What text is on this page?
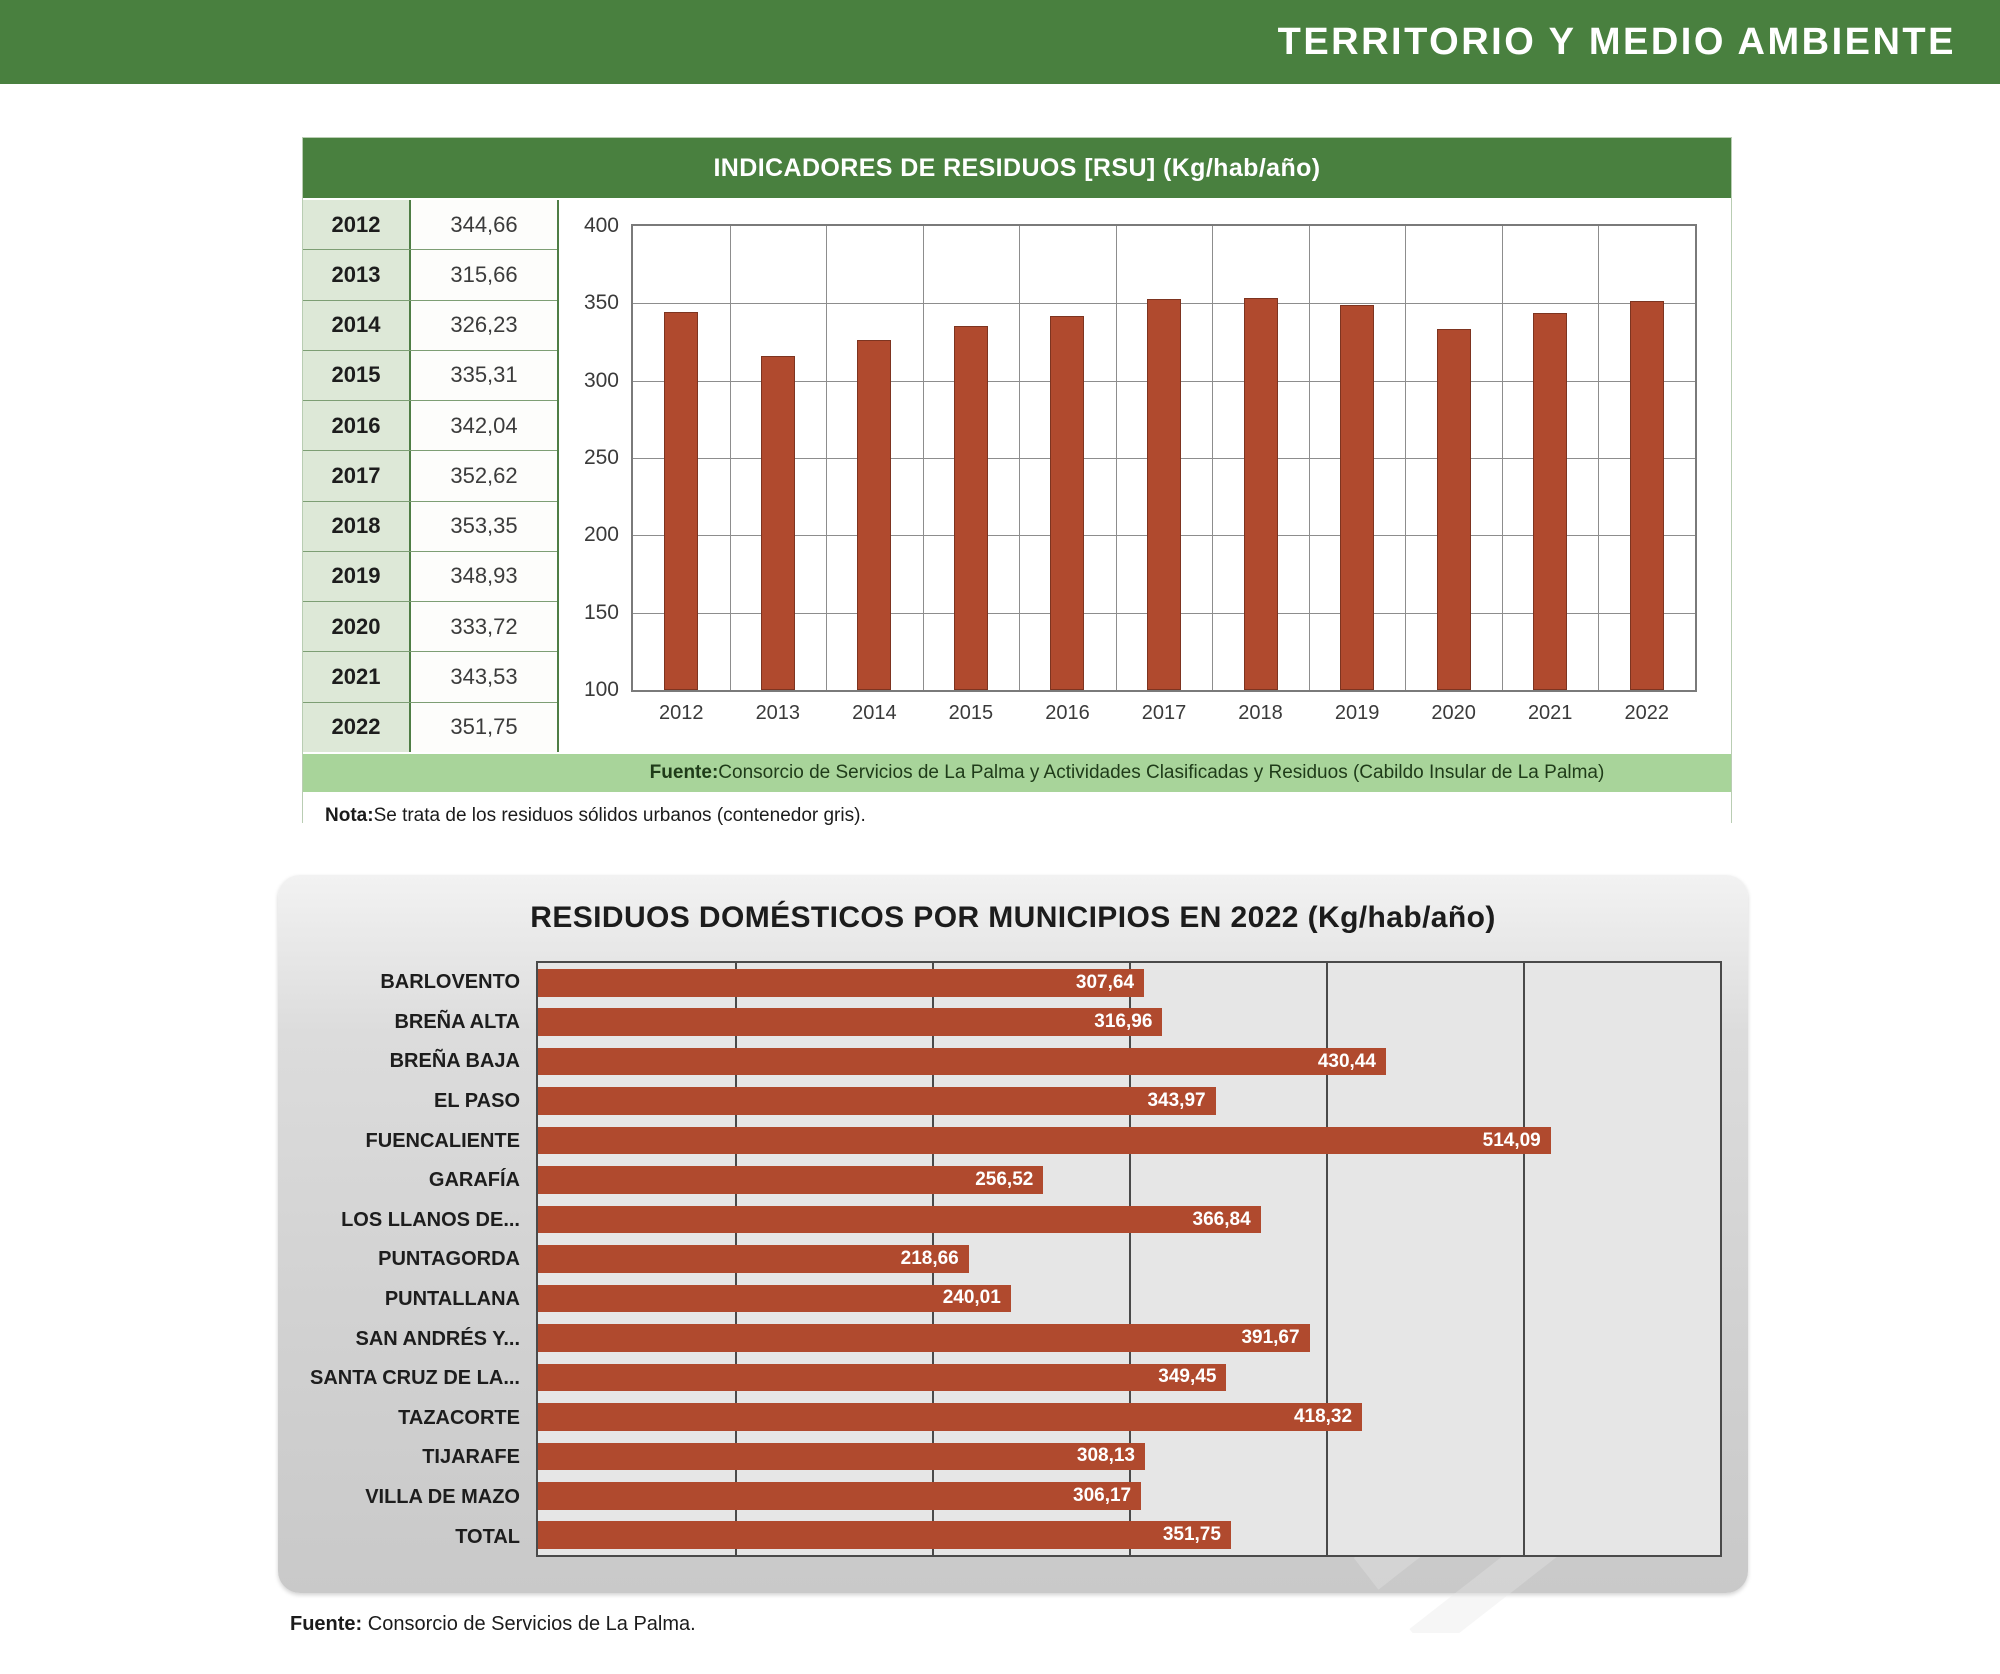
TERRITORIO Y MEDIO AMBIENTE
INDICADORES DE RESIDUOS [RSU] (Kg/hab/año)
2012	344,66
2013	315,66
2014	326,23
2015	335,31
2016	342,04
2017	352,62
2018	353,35
2019	348,93
2020	333,72
2021	343,53
2022	351,75
100
150
200
250
300
350
400
2012	2013	2014	2015	2016	2017	2018	2019	2020	2021	2022
Fuente: Consorcio de Servicios de La Palma y Actividades Clasificadas y Residuos (Cabildo Insular de La Palma)
Nota: Se trata de los residuos sólidos urbanos (contenedor gris).
RESIDUOS DOMÉSTICOS POR MUNICIPIOS EN 2022 (Kg/hab/año)
BARLOVENTO
BREÑA ALTA
BREÑA BAJA
EL PASO
FUENCALIENTE
GARAFÍA
LOS LLANOS DE...
PUNTAGORDA
PUNTALLANA
SAN ANDRÉS Y...
SANTA CRUZ DE LA...
TAZACORTE
TIJARAFE
VILLA DE MAZO
TOTAL
307,64
316,96
430,44
343,97
514,09
256,52
366,84
218,66
240,01
391,67
349,45
418,32
308,13
306,17
351,75
Fuente: Consorcio de Servicios de La Palma.
